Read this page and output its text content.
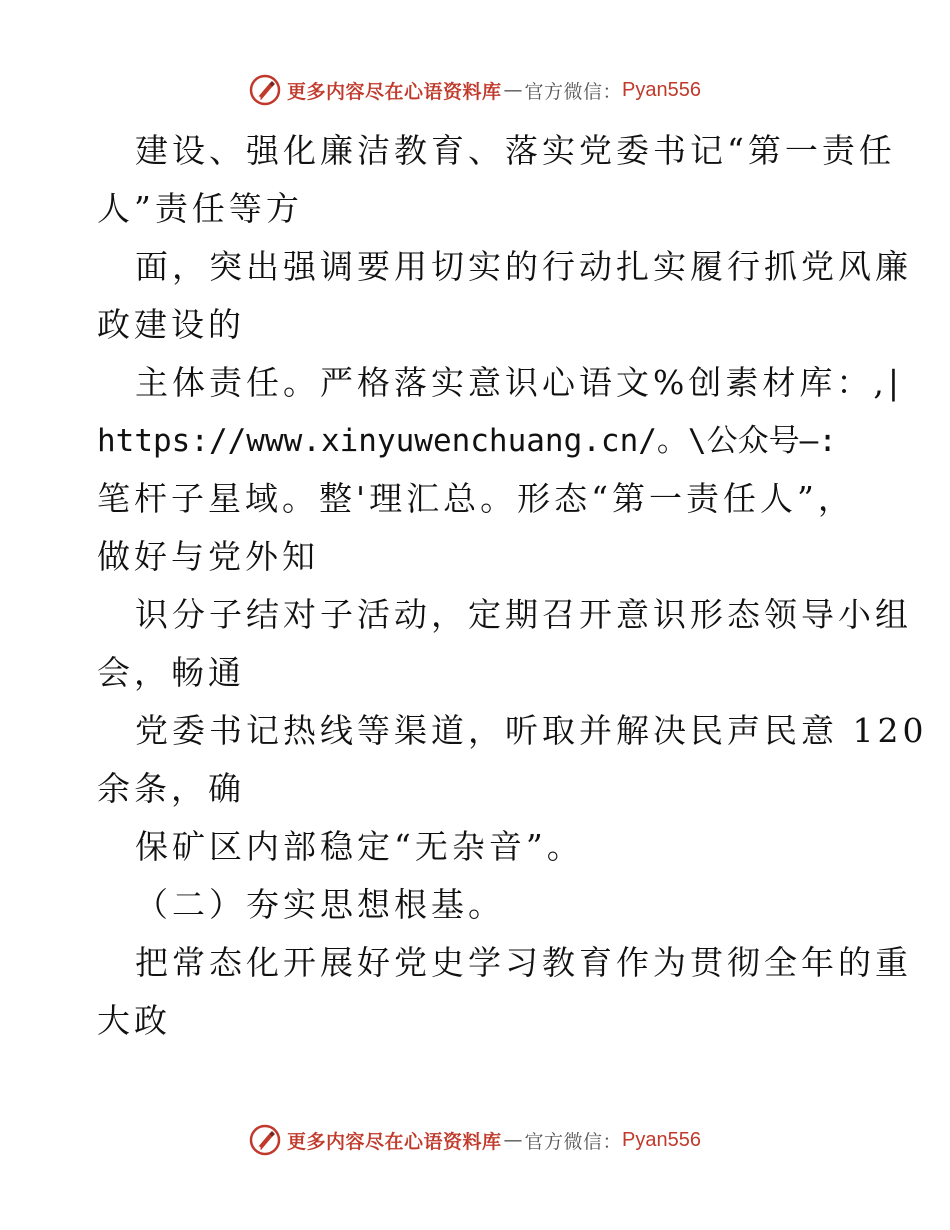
更多内容尽在心语资料库 — 官方微信： Pyan556
建设、强化廉洁教育、落实党委书记“第一责任
人”责任等方
面，突出强调要用切实的行动扎实履行抓党风廉
政建设的
主体责任。严格落实意识心语文%创素材库：,|
https://www.xinyuwenchuang.cn/。\公众号—:
笔杆子星域。整'理汇总。形态“第一责任人”，
做好与党外知
识分子结对子活动，定期召开意识形态领导小组
会，畅通
党委书记热线等渠道，听取并解决民声民意 120
余条，确
保矿区内部稳定“无杂音”。
（二）夯实思想根基。
把常态化开展好党史学习教育作为贯彻全年的重
大政
更多内容尽在心语资料库 — 官方微信： Pyan556
